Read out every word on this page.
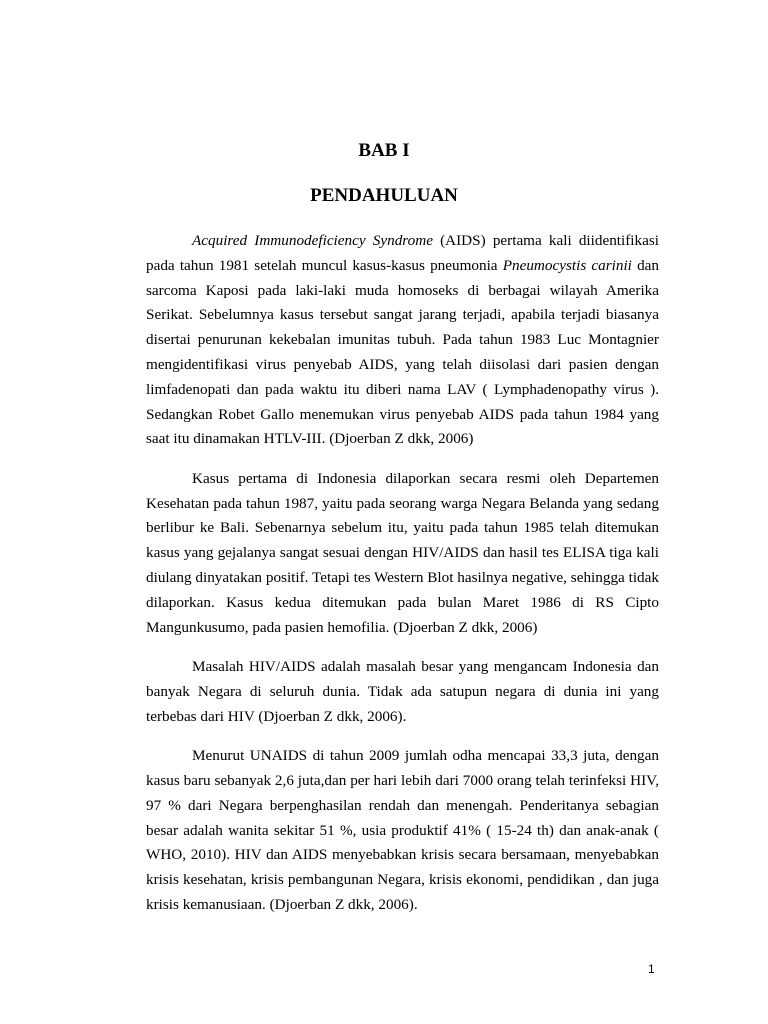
BAB I
PENDAHULUAN

Acquired Immunodeficiency Syndrome (AIDS) pertama kali diidentifikasi pada tahun 1981 setelah muncul kasus-kasus pneumonia Pneumocystis carinii dan sarcoma Kaposi pada laki-laki muda homoseks di berbagai wilayah Amerika Serikat. Sebelumnya kasus tersebut sangat jarang terjadi, apabila terjadi biasanya disertai penurunan kekebalan imunitas tubuh. Pada tahun 1983 Luc Montagnier mengidentifikasi virus penyebab AIDS, yang telah diisolasi dari pasien dengan limfadenopati dan pada waktu itu diberi nama LAV ( Lymphadenopathy virus ). Sedangkan Robet Gallo menemukan virus penyebab AIDS pada tahun 1984 yang saat itu dinamakan HTLV-III. (Djoerban Z dkk, 2006)

Kasus pertama di Indonesia dilaporkan secara resmi oleh Departemen Kesehatan pada tahun 1987, yaitu pada seorang warga Negara Belanda yang sedang berlibur ke Bali. Sebenarnya sebelum itu, yaitu pada tahun 1985 telah ditemukan kasus yang gejalanya sangat sesuai dengan HIV/AIDS dan hasil tes ELISA tiga kali diulang dinyatakan positif. Tetapi tes Western Blot hasilnya negative, sehingga tidak dilaporkan. Kasus kedua ditemukan pada bulan Maret 1986 di RS Cipto Mangunkusumo, pada pasien hemofilia. (Djoerban Z dkk, 2006)

Masalah HIV/AIDS adalah masalah besar yang mengancam Indonesia dan banyak Negara di seluruh dunia. Tidak ada satupun negara di dunia ini yang terbebas dari HIV (Djoerban Z dkk, 2006).

Menurut UNAIDS di tahun 2009 jumlah odha mencapai 33,3 juta, dengan kasus baru sebanyak 2,6 juta,dan per hari lebih dari 7000 orang telah terinfeksi HIV, 97 % dari Negara berpenghasilan rendah dan menengah. Penderitanya sebagian besar adalah wanita sekitar 51 %, usia produktif 41% ( 15-24 th) dan anak-anak ( WHO, 2010). HIV dan AIDS menyebabkan krisis secara bersamaan, menyebabkan krisis kesehatan, krisis pembangunan Negara, krisis ekonomi, pendidikan , dan juga krisis kemanusiaan. (Djoerban Z dkk, 2006).

1
